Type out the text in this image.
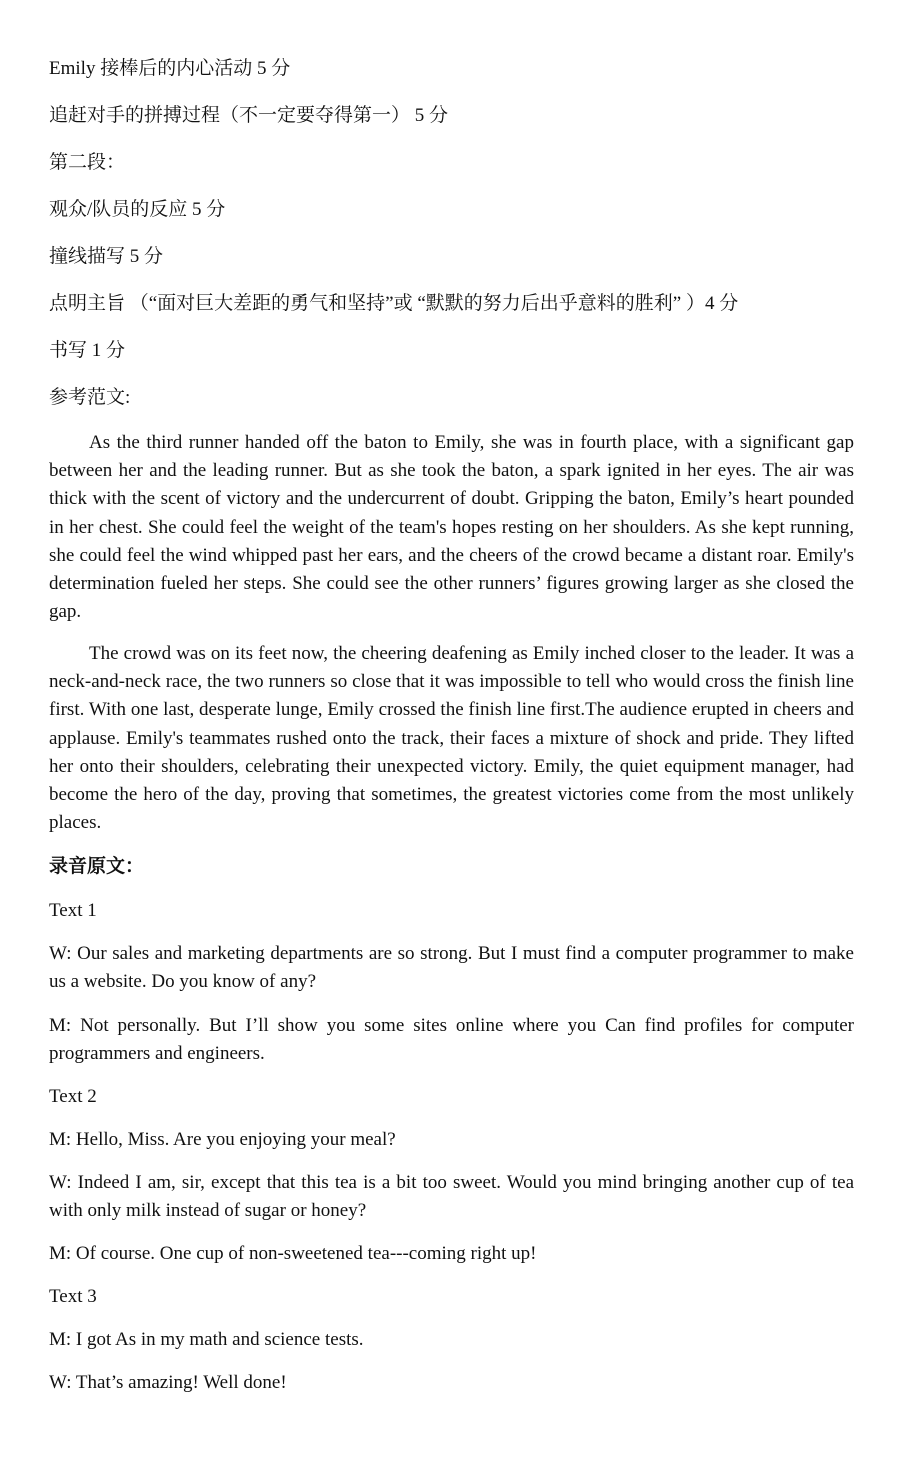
Emily 接棒后的内心活动 5 分
追赶对手的拼搏过程（不一定要夺得第一） 5 分
第二段：
观众/队员的反应 5 分
撞线描写 5 分
点明主旨 （“面对巨大差距的勇气和坚持”或 “默默的努力后出乎意料的胜利” ）4 分
书写 1 分
参考范文:
As the third runner handed off the baton to Emily, she was in fourth place, with a significant gap between her and the leading runner. But as she took the baton, a spark ignited in her eyes. The air was thick with the scent of victory and the undercurrent of doubt. Gripping the baton, Emily’s heart pounded in her chest. She could feel the weight of the team's hopes resting on her shoulders. As she kept running, she could feel the wind whipped past her ears, and the cheers of the crowd became a distant roar. Emily's determination fueled her steps. She could see the other runners’ figures growing larger as she closed the gap.
The crowd was on its feet now, the cheering deafening as Emily inched closer to the leader. It was a neck-and-neck race, the two runners so close that it was impossible to tell who would cross the finish line first. With one last, desperate lunge, Emily crossed the finish line first.The audience erupted in cheers and applause. Emily's teammates rushed onto the track, their faces a mixture of shock and pride. They lifted her onto their shoulders, celebrating their unexpected victory. Emily, the quiet equipment manager, had become the hero of the day, proving that sometimes, the greatest victories come from the most unlikely places.
录音原文：
Text 1
W: Our sales and marketing departments are so strong. But I must find a computer programmer to make us a website. Do you know of any?
M: Not personally. But I’ll show you some sites online where you Can find profiles for computer programmers and engineers.
Text 2
M: Hello, Miss. Are you enjoying your meal?
W: Indeed I am, sir, except that this tea is a bit too sweet. Would you mind bringing another cup of tea with only milk instead of sugar or honey?
M: Of course. One cup of non-sweetened tea---coming right up!
Text 3
M: I got As in my math and science tests.
W: That’s amazing! Well done!
